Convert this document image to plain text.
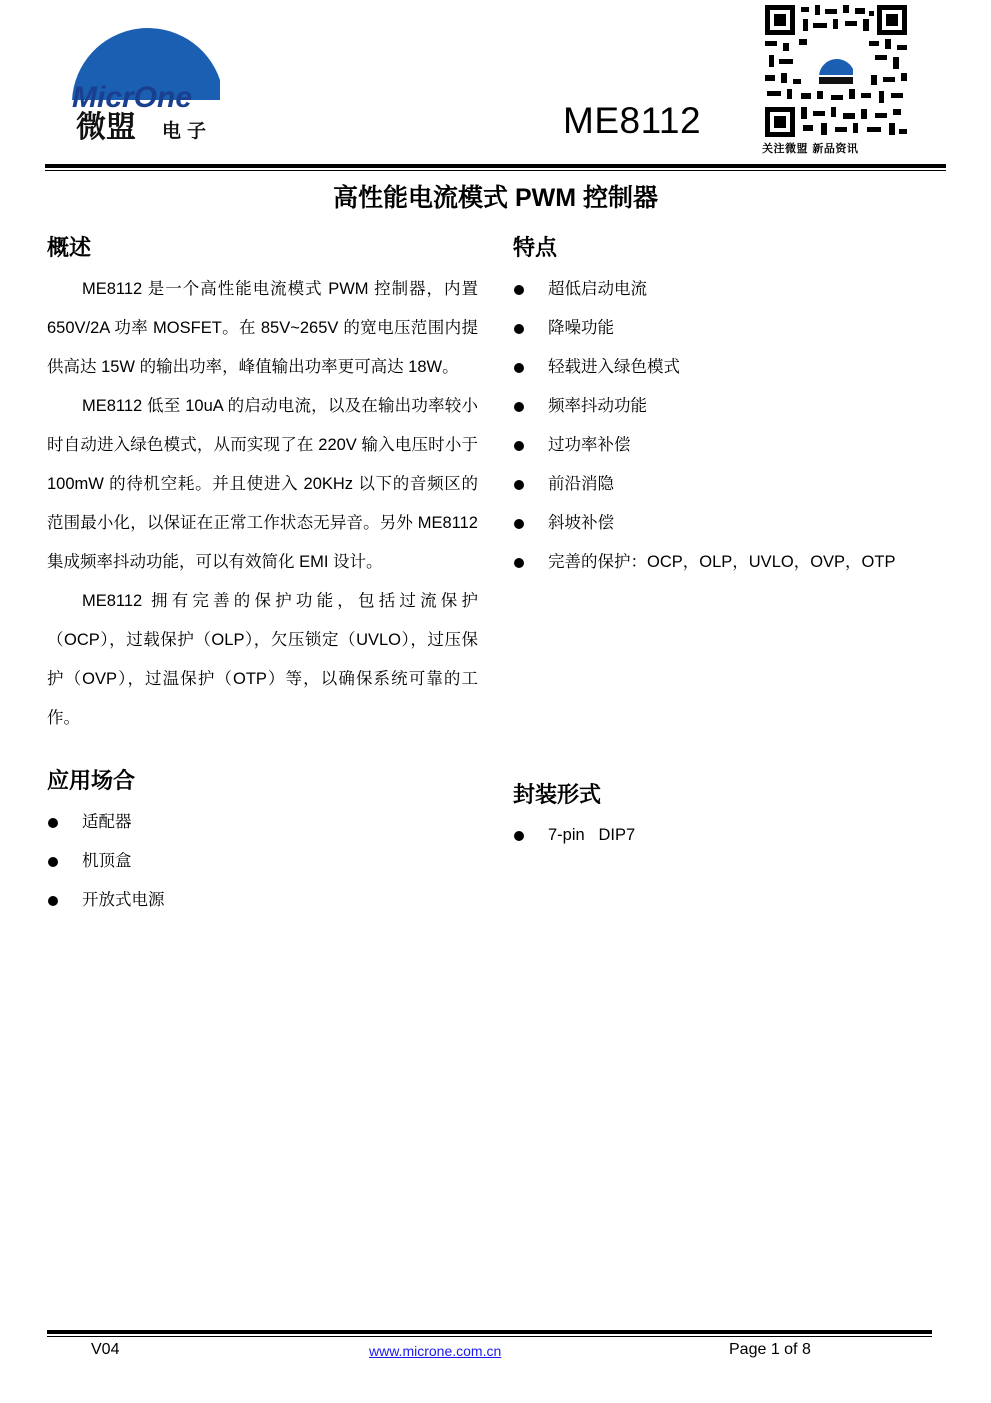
MicrOne
微盟 电子	ME8112
关注微盟 新品资讯
高性能电流模式 PWM 控制器
概述
ME8112 是一个高性能电流模式 PWM 控制器，内置 650V/2A 功率 MOSFET。在 85V~265V 的宽电压范围内提供高达 15W 的输出功率，峰值输出功率更可高达 18W。
ME8112 低至 10uA 的启动电流，以及在输出功率较小时自动进入绿色模式，从而实现了在 220V 输入电压时小于 100mW 的待机空耗。并且使进入 20KHz 以下的音频区的范围最小化，以保证在正常工作状态无异音。另外 ME8112 集成频率抖动功能，可以有效简化 EMI 设计。
ME8112 拥有完善的保护功能，包括过流保护（OCP），过载保护（OLP），欠压锁定（UVLO），过压保护（OVP），过温保护（OTP）等，以确保系统可靠的工作。
特点
超低启动电流
降噪功能
轻载进入绿色模式
频率抖动功能
过功率补偿
前沿消隐
斜坡补偿
完善的保护：OCP，OLP，UVLO，OVP，OTP
应用场合
适配器
机顶盒
开放式电源
封装形式
7-pin   DIP7
V04	www.microne.com.cn	Page 1 of 8
